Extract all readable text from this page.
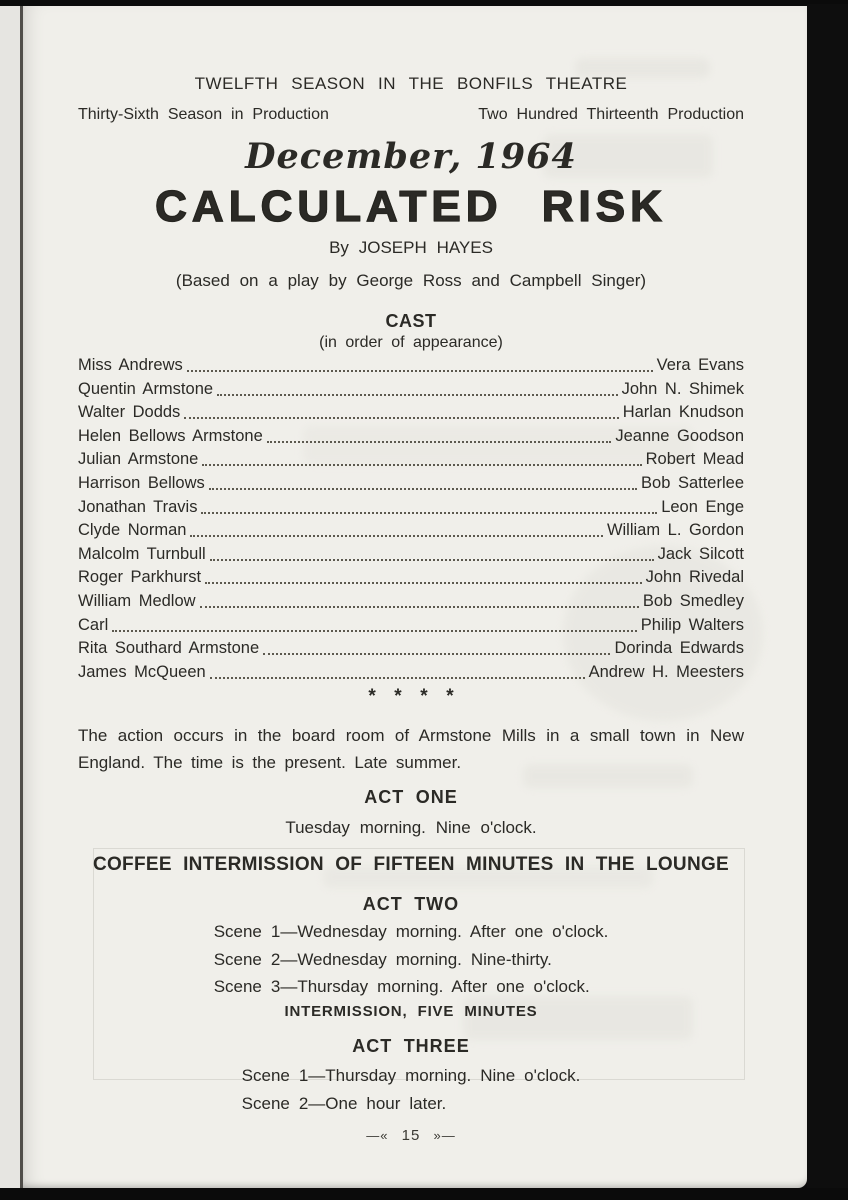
TWELFTH SEASON IN THE BONFILS THEATRE
Thirty-Sixth Season in Production	Two Hundred Thirteenth Production
December, 1964
CALCULATED RISK
By JOSEPH HAYES
(Based on a play by George Ross and Campbell Singer)
CAST
(in order of appearance)
Miss Andrews	Vera Evans
Quentin Armstone	John N. Shimek
Walter Dodds	Harlan Knudson
Helen Bellows Armstone	Jeanne Goodson
Julian Armstone	Robert Mead
Harrison Bellows	Bob Satterlee
Jonathan Travis	Leon Enge
Clyde Norman	William L. Gordon
Malcolm Turnbull	Jack Silcott
Roger Parkhurst	John Rivedal
William Medlow	Bob Smedley
Carl	Philip Walters
Rita Southard Armstone	Dorinda Edwards
James McQueen	Andrew H. Meesters
* * * *
The action occurs in the board room of Armstone Mills in a small town in New England. The time is the present. Late summer.
ACT ONE
Tuesday morning. Nine o'clock.
COFFEE INTERMISSION OF FIFTEEN MINUTES IN THE LOUNGE
ACT TWO
Scene 1—Wednesday morning. After one o'clock.
Scene 2—Wednesday morning. Nine-thirty.
Scene 3—Thursday morning. After one o'clock.
INTERMISSION, FIVE MINUTES
ACT THREE
Scene 1—Thursday morning. Nine o'clock.
Scene 2—One hour later.
—« 15 »—
